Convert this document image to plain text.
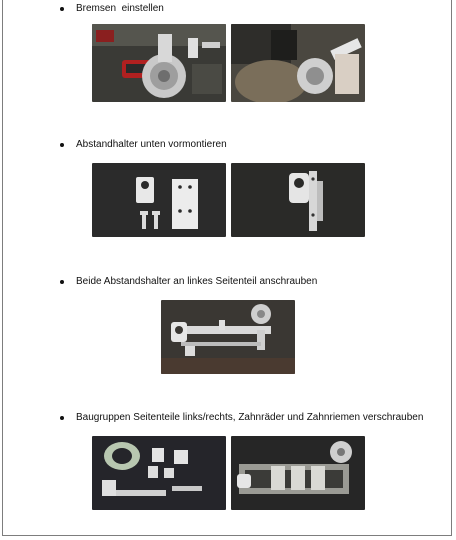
Bremsen  einstellen
Abstandhalter unten vormontieren
Beide Abstandshalter an linkes Seitenteil anschrauben
Baugruppen Seitenteile links/rechts, Zahnräder und Zahnriemen verschrauben
